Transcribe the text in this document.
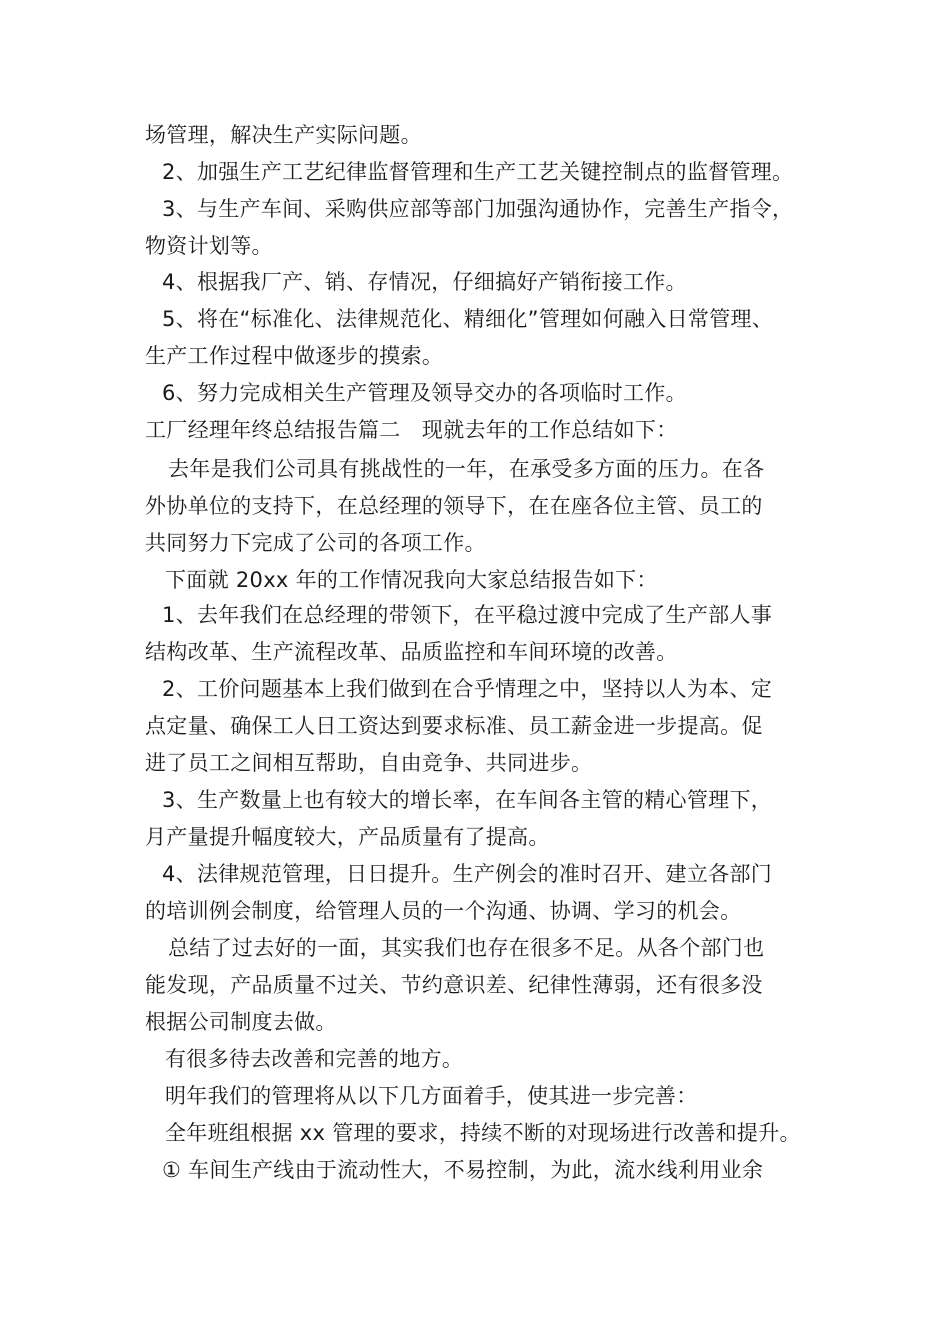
场管理，解决生产实际问题。
2、加强生产工艺纪律监督管理和生产工艺关键控制点的监督管理。
3、与生产车间、采购供应部等部门加强沟通协作，完善生产指令，
物资计划等。
4、根据我厂产、销、存情况，仔细搞好产销衔接工作。
5、将在“标准化、法律规范化、精细化”管理如何融入日常管理、
生产工作过程中做逐步的摸索。
6、努力完成相关生产管理及领导交办的各项临时工作。
工厂经理年终总结报告篇二　现就去年的工作总结如下：
去年是我们公司具有挑战性的一年，在承受多方面的压力。在各
外协单位的支持下，在总经理的领导下，在在座各位主管、员工的
共同努力下完成了公司的各项工作。
下面就 20xx 年的工作情况我向大家总结报告如下：
1、去年我们在总经理的带领下，在平稳过渡中完成了生产部人事
结构改革、生产流程改革、品质监控和车间环境的改善。
2、工价问题基本上我们做到在合乎情理之中，坚持以人为本、定
点定量、确保工人日工资达到要求标准、员工薪金进一步提高。促
进了员工之间相互帮助，自由竞争、共同进步。
3、生产数量上也有较大的增长率，在车间各主管的精心管理下，
月产量提升幅度较大，产品质量有了提高。
4、法律规范管理，日日提升。生产例会的准时召开、建立各部门
的培训例会制度，给管理人员的一个沟通、协调、学习的机会。
总结了过去好的一面，其实我们也存在很多不足。从各个部门也
能发现，产品质量不过关、节约意识差、纪律性薄弱，还有很多没
根据公司制度去做。
有很多待去改善和完善的地方。
明年我们的管理将从以下几方面着手，使其进一步完善：
全年班组根据 xx 管理的要求，持续不断的对现场进行改善和提升。
① 车间生产线由于流动性大，不易控制，为此，流水线利用业余
